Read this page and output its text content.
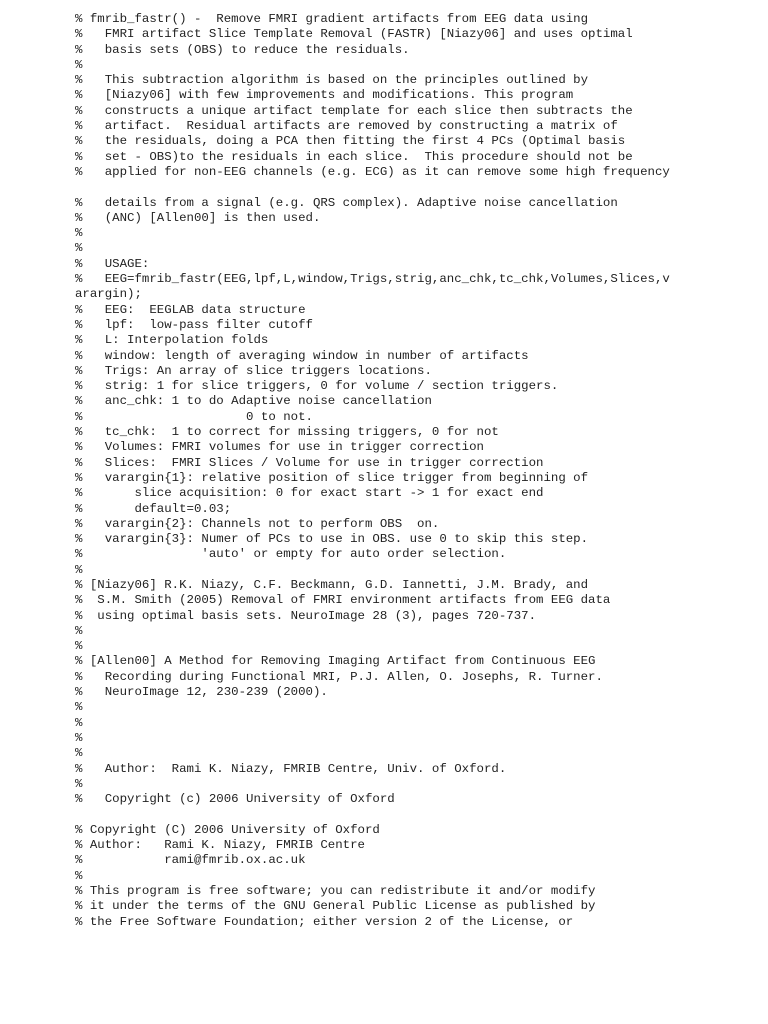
% fmrib_fastr() -  Remove FMRI gradient artifacts from EEG data using
%   FMRI artifact Slice Template Removal (FASTR) [Niazy06] and uses optimal
%   basis sets (OBS) to reduce the residuals.
%
%   This subtraction algorithm is based on the principles outlined by
%   [Niazy06] with few improvements and modifications. This program
%   constructs a unique artifact template for each slice then subtracts the
%   artifact.  Residual artifacts are removed by constructing a matrix of
%   the residuals, doing a PCA then fitting the first 4 PCs (Optimal basis
%   set - OBS)to the residuals in each slice.  This procedure should not be
%   applied for non-EEG channels (e.g. ECG) as it can remove some high frequency

%   details from a signal (e.g. QRS complex). Adaptive noise cancellation
%   (ANC) [Allen00] is then used.
%
%
%   USAGE:
%   EEG=fmrib_fastr(EEG,lpf,L,window,Trigs,strig,anc_chk,tc_chk,Volumes,Slices,v
arargin);
%   EEG:  EEGLAB data structure
%   lpf:  low-pass filter cutoff
%   L: Interpolation folds
%   window: length of averaging window in number of artifacts
%   Trigs: An array of slice triggers locations.
%   strig: 1 for slice triggers, 0 for volume / section triggers.
%   anc_chk: 1 to do Adaptive noise cancellation
%                      0 to not.
%   tc_chk:  1 to correct for missing triggers, 0 for not
%   Volumes: FMRI volumes for use in trigger correction
%   Slices:  FMRI Slices / Volume for use in trigger correction
%   varargin{1}: relative position of slice trigger from beginning of
%       slice acquisition: 0 for exact start -> 1 for exact end
%       default=0.03;
%   varargin{2}: Channels not to perform OBS  on.
%   varargin{3}: Numer of PCs to use in OBS. use 0 to skip this step.
%                'auto' or empty for auto order selection.
%
% [Niazy06] R.K. Niazy, C.F. Beckmann, G.D. Iannetti, J.M. Brady, and
%  S.M. Smith (2005) Removal of FMRI environment artifacts from EEG data
%  using optimal basis sets. NeuroImage 28 (3), pages 720-737.
%
%
% [Allen00] A Method for Removing Imaging Artifact from Continuous EEG
%   Recording during Functional MRI, P.J. Allen, O. Josephs, R. Turner.
%   NeuroImage 12, 230-239 (2000).
%
%
%
%
%   Author:  Rami K. Niazy, FMRIB Centre, Univ. of Oxford.
%
%   Copyright (c) 2006 University of Oxford

% Copyright (C) 2006 University of Oxford
% Author:   Rami K. Niazy, FMRIB Centre
%           rami@fmrib.ox.ac.uk
%
% This program is free software; you can redistribute it and/or modify
% it under the terms of the GNU General Public License as published by
% the Free Software Foundation; either version 2 of the License, or
